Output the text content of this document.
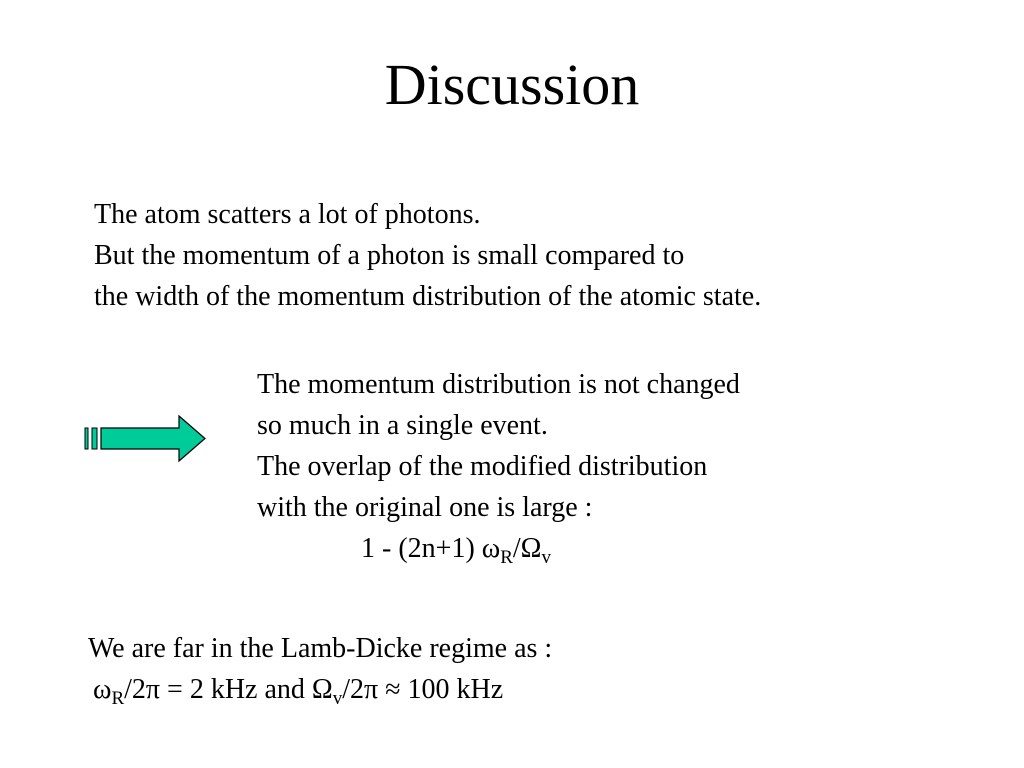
Discussion
The atom scatters a lot of photons.
But the momentum of a photon is small compared to
the width of the momentum distribution of the atomic state.
The momentum distribution is not changed
so much in a single event.
The overlap of the modified distribution
with the original one is large :
1 - (2n+1) $\omega_R/\Omega_v$
We are far in the Lamb-Dicke regime as :
$\omega_R/2\pi = 2$ kHz and $\Omega_v/2\pi \approx 100$ kHz
